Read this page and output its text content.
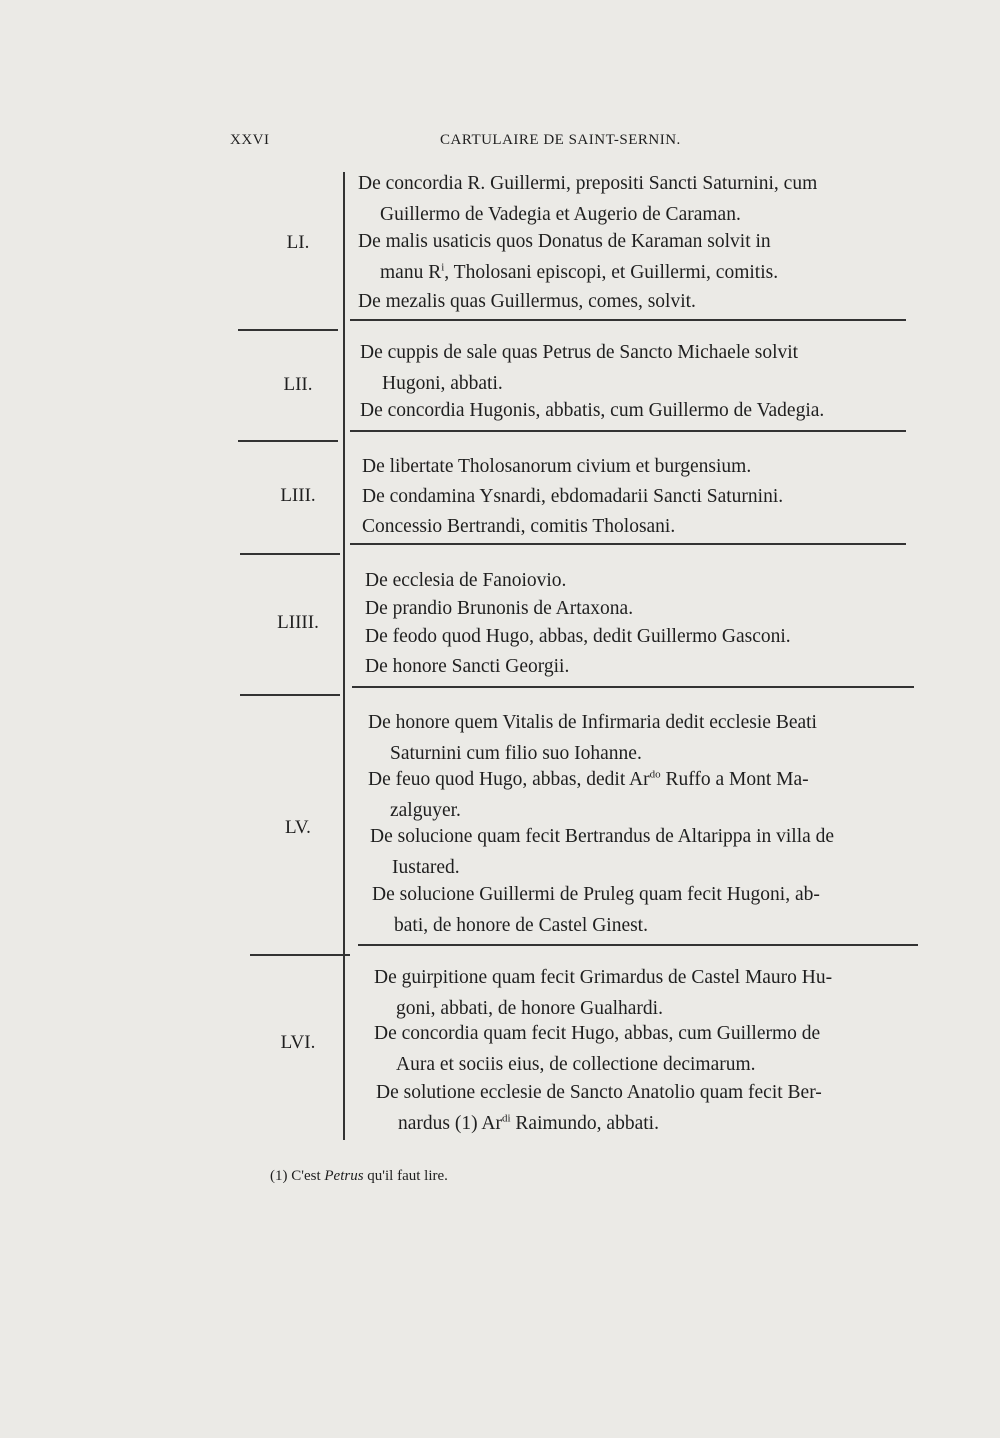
XXVI	CARTULAIRE DE SAINT-SERNIN.
LI.
De concordia R. Guillermi, prepositi Sancti Saturnini, cum
Guillermo de Vadegia et Augerio de Caraman.
De malis usaticis quos Donatus de Karaman solvit in
manu $R^i$, Tholosani episcopi, et Guillermi, comitis.
De mezalis quas Guillermus, comes, solvit.
LII.
De cuppis de sale quas Petrus de Sancto Michaele solvit
Hugoni, abbati.
De concordia Hugonis, abbatis, cum Guillermo de Vadegia.
LIII.
De libertate Tholosanorum civium et burgensium.
De condamina Ysnardi, ebdomadarii Sancti Saturnini.
Concessio Bertrandi, comitis Tholosani.
LIIII.
De ecclesia de Fanoiovio.
De prandio Brunonis de Artaxona.
De feodo quod Hugo, abbas, dedit Guillermo Gasconi.
De honore Sancti Georgii.
LV.
De honore quem Vitalis de Infirmaria dedit ecclesie Beati
Saturnini cum filio suo Iohanne.
De feuo quod Hugo, abbas, dedit $Ar^{do}$ Ruffo a Mont Ma-
zalguyer.
De solucione quam fecit Bertrandus de Altarippa in villa de
Iustared.
De solucione Guillermi de Pruleg quam fecit Hugoni, ab-
bati, de honore de Castel Ginest.
LVI.
De guirpitione quam fecit Grimardus de Castel Mauro Hu-
goni, abbati, de honore Gualhardi.
De concordia quam fecit Hugo, abbas, cum Guillermo de
Aura et sociis eius, de collectione decimarum.
De solutione ecclesie de Sancto Anatolio quam fecit Ber-
nardus (1) $Ar^{di}$ Raimundo, abbati.
(1) C'est Petrus qu'il faut lire.
